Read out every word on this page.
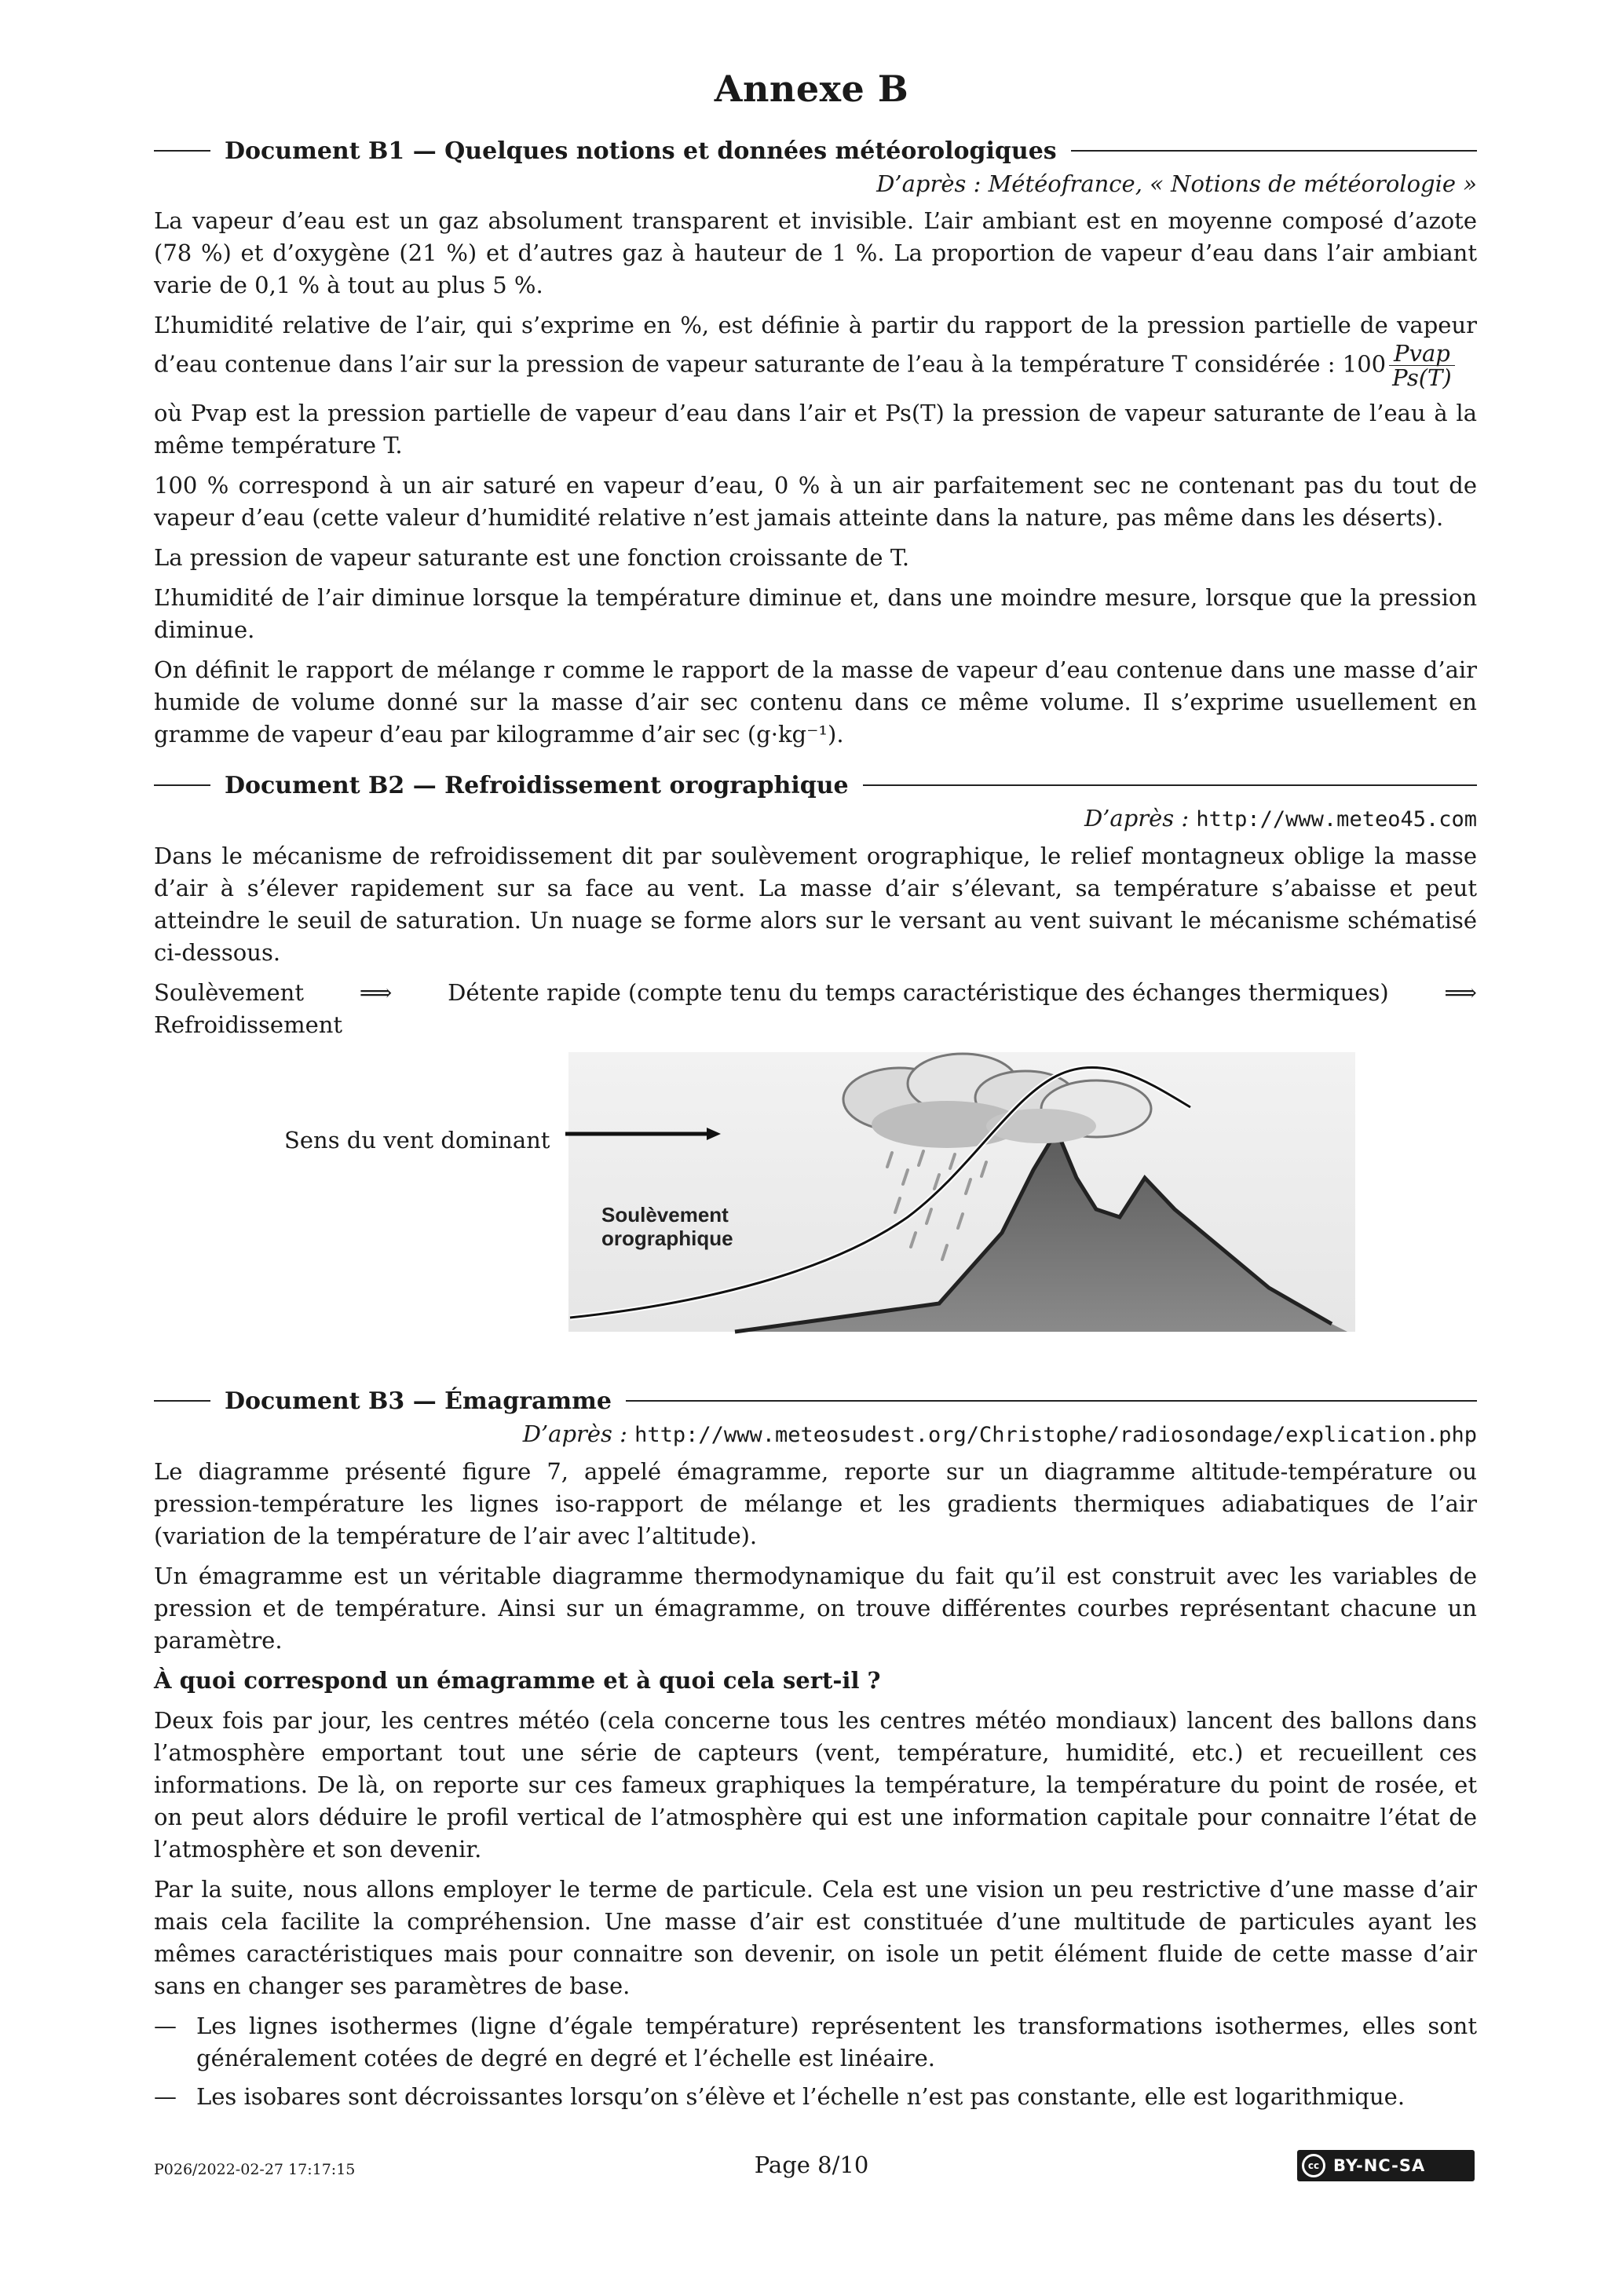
Annexe B
Document B1 — Quelques notions et données météorologiques
D’après : Météofrance, « Notions de météorologie »

La vapeur d’eau est un gaz absolument transparent et invisible. L’air ambiant est en moyenne composé d’azote (78 %) et d’oxygène (21 %) et d’autres gaz à hauteur de 1 %. La proportion de vapeur d’eau dans l’air ambiant varie de 0,1 % à tout au plus 5 %.

L’humidité relative de l’air, qui s’exprime en %, est définie à partir du rapport de la pression partielle de vapeur d’eau contenue dans l’air sur la pression de vapeur saturante de l’eau à la température T considérée : $100 \frac{\text{Pvap}}{Ps(T)}$

où Pvap est la pression partielle de vapeur d’eau dans l’air et Ps(T) la pression de vapeur saturante de l’eau à la même température T.

100 % correspond à un air saturé en vapeur d’eau, 0 % à un air parfaitement sec ne contenant pas du tout de vapeur d’eau (cette valeur d’humidité relative n’est jamais atteinte dans la nature, pas même dans les déserts).

La pression de vapeur saturante est une fonction croissante de T.

L’humidité de l’air diminue lorsque la température diminue et, dans une moindre mesure, lorsque que la pression diminue.

On définit le rapport de mélange r comme le rapport de la masse de vapeur d’eau contenue dans une masse d’air humide de volume donné sur la masse d’air sec contenu dans ce même volume. Il s’exprime usuellement en gramme de vapeur d’eau par kilogramme d’air sec (g·kg⁻¹).

Document B2 — Refroidissement orographique
D’après : http://www.meteo45.com

Dans le mécanisme de refroidissement dit par soulèvement orographique, le relief montagneux oblige la masse d’air à s’élever rapidement sur sa face au vent. La masse d’air s’élevant, sa température s’abaisse et peut atteindre le seuil de saturation. Un nuage se forme alors sur le versant au vent suivant le mécanisme schématisé ci-dessous.

Soulèvement ⟹ Détente rapide (compte tenu du temps caractéristique des échanges thermiques) ⟹

Refroidissement

Sens du vent dominant
Soulèvement
orographique
Document B3 — Émagramme
D’après : http://www.meteosudest.org/Christophe/radiosondage/explication.php

Le diagramme présenté figure 7, appelé émagramme, reporte sur un diagramme altitude-température ou pression-température les lignes iso-rapport de mélange et les gradients thermiques adiabatiques de l’air (variation de la température de l’air avec l’altitude).

Un émagramme est un véritable diagramme thermodynamique du fait qu’il est construit avec les variables de pression et de température. Ainsi sur un émagramme, on trouve différentes courbes représentant chacune un paramètre.

À quoi correspond un émagramme et à quoi cela sert-il ?

Deux fois par jour, les centres météo (cela concerne tous les centres météo mondiaux) lancent des ballons dans l’atmosphère emportant tout une série de capteurs (vent, température, humidité, etc.) et recueillent ces informations. De là, on reporte sur ces fameux graphiques la température, la température du point de rosée, et on peut alors déduire le profil vertical de l’atmosphère qui est une information capitale pour connaitre l’état de l’atmosphère et son devenir.

Par la suite, nous allons employer le terme de particule. Cela est une vision un peu restrictive d’une masse d’air mais cela facilite la compréhension. Une masse d’air est constituée d’une multitude de particules ayant les mêmes caractéristiques mais pour connaitre son devenir, on isole un petit élément fluide de cette masse d’air sans en changer ses paramètres de base.

— Les lignes isothermes (ligne d’égale température) représentent les transformations isothermes, elles sont généralement cotées de degré en degré et l’échelle est linéaire.
— Les isobares sont décroissantes lorsqu’on s’élève et l’échelle n’est pas constante, elle est logarithmique.
P026/2022-02-27 17:17:15	Page 8/10	cc BY-NC-SA
